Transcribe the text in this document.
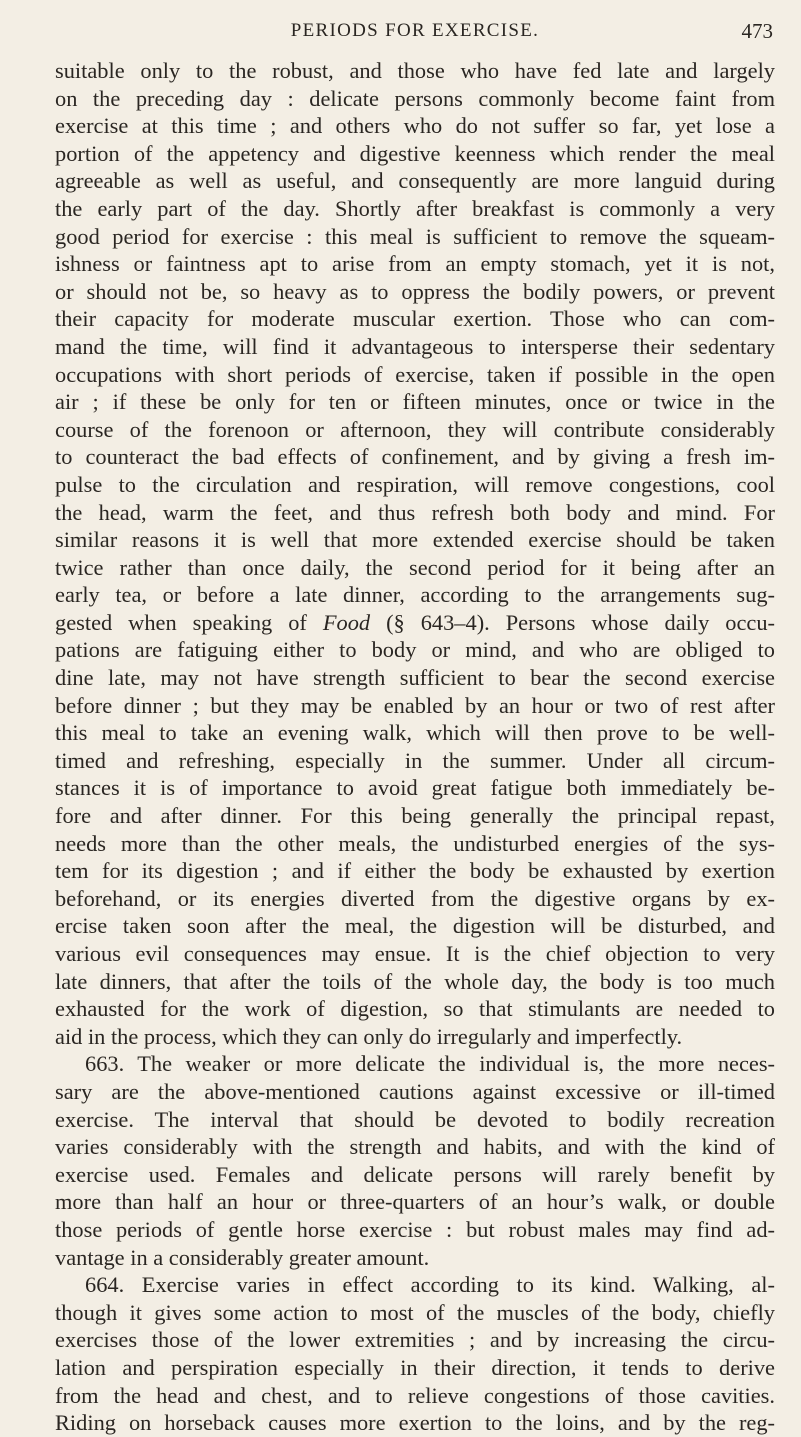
PERIODS FOR EXERCISE.	473
suitable only to the robust, and those who have fed late and largely
on the preceding day : delicate persons commonly become faint from
exercise at this time ; and others who do not suffer so far, yet lose a
portion of the appetency and digestive keenness which render the meal
agreeable as well as useful, and consequently are more languid during
the early part of the day. Shortly after breakfast is commonly a very
good period for exercise : this meal is sufficient to remove the squeam-
ishness or faintness apt to arise from an empty stomach, yet it is not,
or should not be, so heavy as to oppress the bodily powers, or prevent
their capacity for moderate muscular exertion. Those who can com-
mand the time, will find it advantageous to intersperse their sedentary
occupations with short periods of exercise, taken if possible in the open
air ; if these be only for ten or fifteen minutes, once or twice in the
course of the forenoon or afternoon, they will contribute considerably
to counteract the bad effects of confinement, and by giving a fresh im-
pulse to the circulation and respiration, will remove congestions, cool
the head, warm the feet, and thus refresh both body and mind. For
similar reasons it is well that more extended exercise should be taken
twice rather than once daily, the second period for it being after an
early tea, or before a late dinner, according to the arrangements sug-
gested when speaking of Food (§ 643–4). Persons whose daily occu-
pations are fatiguing either to body or mind, and who are obliged to
dine late, may not have strength sufficient to bear the second exercise
before dinner ; but they may be enabled by an hour or two of rest after
this meal to take an evening walk, which will then prove to be well-
timed and refreshing, especially in the summer. Under all circum-
stances it is of importance to avoid great fatigue both immediately be-
fore and after dinner. For this being generally the principal repast,
needs more than the other meals, the undisturbed energies of the sys-
tem for its digestion ; and if either the body be exhausted by exertion
beforehand, or its energies diverted from the digestive organs by ex-
ercise taken soon after the meal, the digestion will be disturbed, and
various evil consequences may ensue. It is the chief objection to very
late dinners, that after the toils of the whole day, the body is too much
exhausted for the work of digestion, so that stimulants are needed to
aid in the process, which they can only do irregularly and imperfectly.
663. The weaker or more delicate the individual is, the more neces-
sary are the above-mentioned cautions against excessive or ill-timed
exercise. The interval that should be devoted to bodily recreation
varies considerably with the strength and habits, and with the kind of
exercise used. Females and delicate persons will rarely benefit by
more than half an hour or three-quarters of an hour’s walk, or double
those periods of gentle horse exercise : but robust males may find ad-
vantage in a considerably greater amount.
664. Exercise varies in effect according to its kind. Walking, al-
though it gives some action to most of the muscles of the body, chiefly
exercises those of the lower extremities ; and by increasing the circu-
lation and perspiration especially in their direction, it tends to derive
from the head and chest, and to relieve congestions of those cavities.
Riding on horseback causes more exertion to the loins, and by the reg-
